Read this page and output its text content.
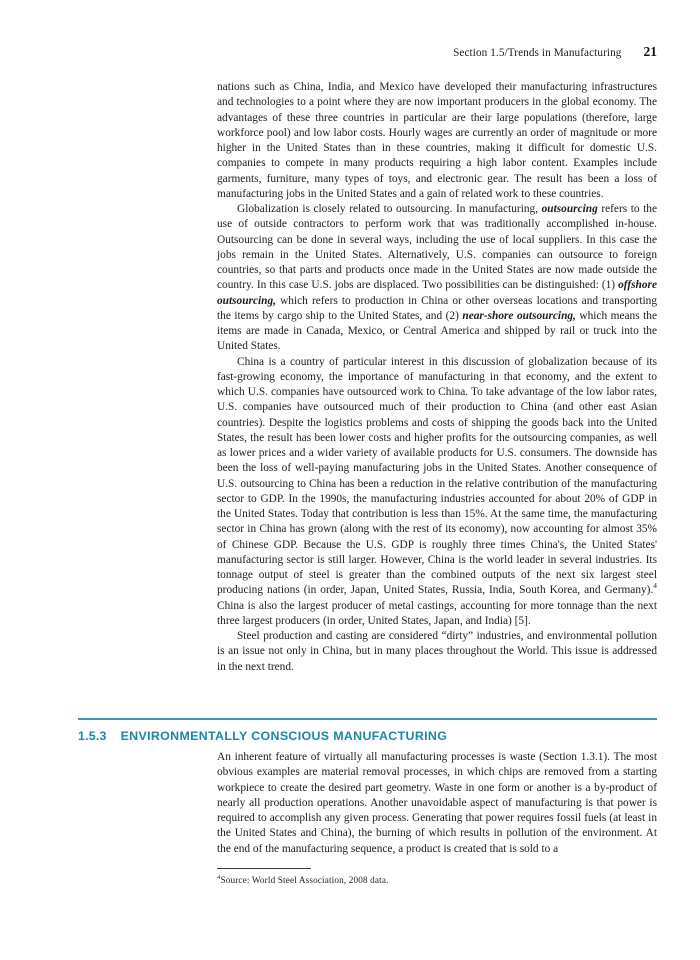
Section 1.5/Trends in Manufacturing 21

nations such as China, India, and Mexico have developed their manufacturing infrastructures and technologies to a point where they are now important producers in the global economy. The advantages of these three countries in particular are their large populations (therefore, large workforce pool) and low labor costs. Hourly wages are currently an order of magnitude or more higher in the United States than in these countries, making it difficult for domestic U.S. companies to compete in many products requiring a high labor content. Examples include garments, furniture, many types of toys, and electronic gear. The result has been a loss of manufacturing jobs in the United States and a gain of related work to these countries.

Globalization is closely related to outsourcing. In manufacturing, outsourcing refers to the use of outside contractors to perform work that was traditionally accomplished in-house. Outsourcing can be done in several ways, including the use of local suppliers. In this case the jobs remain in the United States. Alternatively, U.S. companies can outsource to foreign countries, so that parts and products once made in the United States are now made outside the country. In this case U.S. jobs are displaced. Two possibilities can be distinguished: (1) offshore outsourcing, which refers to production in China or other overseas locations and transporting the items by cargo ship to the United States, and (2) near-shore outsourcing, which means the items are made in Canada, Mexico, or Central America and shipped by rail or truck into the United States.

China is a country of particular interest in this discussion of globalization because of its fast-growing economy, the importance of manufacturing in that economy, and the extent to which U.S. companies have outsourced work to China. To take advantage of the low labor rates, U.S. companies have outsourced much of their production to China (and other east Asian countries). Despite the logistics problems and costs of shipping the goods back into the United States, the result has been lower costs and higher profits for the outsourcing companies, as well as lower prices and a wider variety of available products for U.S. consumers. The downside has been the loss of well-paying manufacturing jobs in the United States. Another consequence of U.S. outsourcing to China has been a reduction in the relative contribution of the manufacturing sector to GDP. In the 1990s, the manufacturing industries accounted for about 20% of GDP in the United States. Today that contribution is less than 15%. At the same time, the manufacturing sector in China has grown (along with the rest of its economy), now accounting for almost 35% of Chinese GDP. Because the U.S. GDP is roughly three times China's, the United States' manufacturing sector is still larger. However, China is the world leader in several industries. Its tonnage output of steel is greater than the combined outputs of the next six largest steel producing nations (in order, Japan, United States, Russia, India, South Korea, and Germany).$^4$ China is also the largest producer of metal castings, accounting for more tonnage than the next three largest producers (in order, United States, Japan, and India) [5].

Steel production and casting are considered “dirty” industries, and environmental pollution is an issue not only in China, but in many places throughout the World. This issue is addressed in the next trend.

1.5.3 ENVIRONMENTALLY CONSCIOUS MANUFACTURING

An inherent feature of virtually all manufacturing processes is waste (Section 1.3.1). The most obvious examples are material removal processes, in which chips are removed from a starting workpiece to create the desired part geometry. Waste in one form or another is a by-product of nearly all production operations. Another unavoidable aspect of manufacturing is that power is required to accomplish any given process. Generating that power requires fossil fuels (at least in the United States and China), the burning of which results in pollution of the environment. At the end of the manufacturing sequence, a product is created that is sold to a

$^4$Source: World Steel Association, 2008 data.
